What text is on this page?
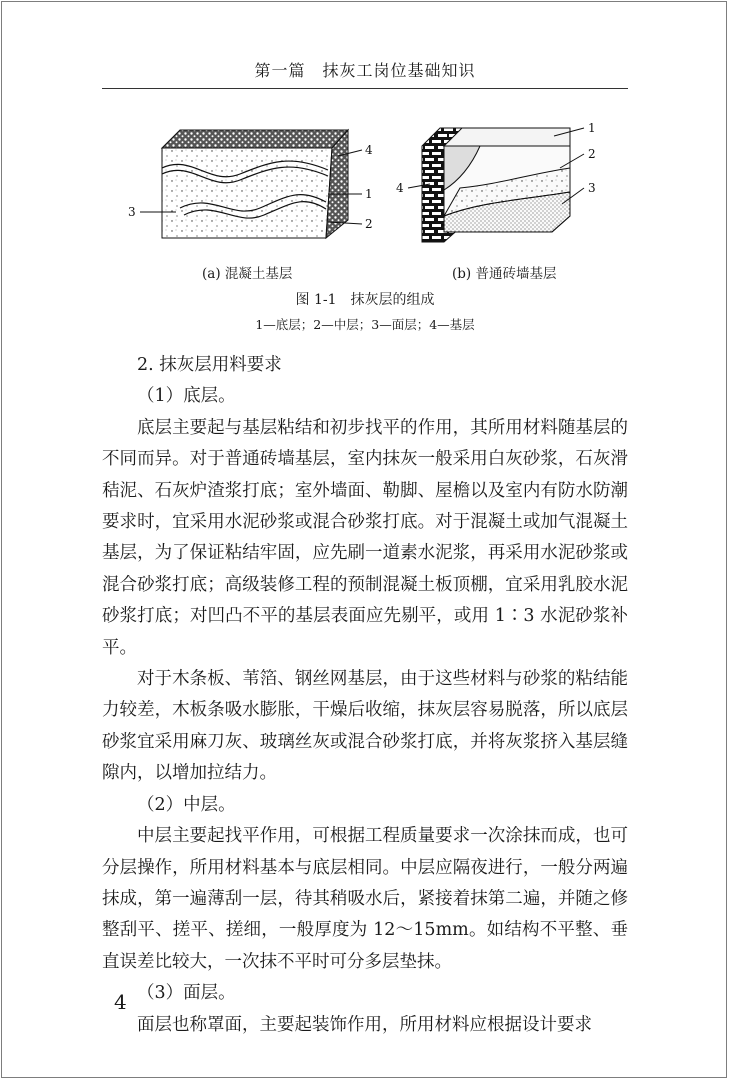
第一篇　抹灰工岗位基础知识
4
1
3
2
1
2
4	3
(a) 混凝土基层	(b) 普通砖墙基层
图 1-1　抹灰层的组成
1—底层；2—中层；3—面层；4—基层

2. 抹灰层用料要求

（1）底层。

底层主要起与基层粘结和初步找平的作用，其所用材料随基层的不同而异。对于普通砖墙基层，室内抹灰一般采用白灰砂浆，石灰滑秸泥、石灰炉渣浆打底；室外墙面、勒脚、屋檐以及室内有防水防潮要求时，宜采用水泥砂浆或混合砂浆打底。对于混凝土或加气混凝土基层，为了保证粘结牢固，应先刷一道素水泥浆，再采用水泥砂浆或混合砂浆打底；高级装修工程的预制混凝土板顶棚，宜采用乳胶水泥砂浆打底；对凹凸不平的基层表面应先剔平，或用 1∶3 水泥砂浆补平。

对于木条板、苇箔、钢丝网基层，由于这些材料与砂浆的粘结能力较差，木板条吸水膨胀，干燥后收缩，抹灰层容易脱落，所以底层砂浆宜采用麻刀灰、玻璃丝灰或混合砂浆打底，并将灰浆挤入基层缝隙内，以增加拉结力。

（2）中层。

中层主要起找平作用，可根据工程质量要求一次涂抹而成，也可分层操作，所用材料基本与底层相同。中层应隔夜进行，一般分两遍抹成，第一遍薄刮一层，待其稍吸水后，紧接着抹第二遍，并随之修整刮平、搓平、搓细，一般厚度为 12～15mm。如结构不平整、垂直误差比较大，一次抹不平时可分多层垫抹。

（3）面层。

面层也称罩面，主要起装饰作用，所用材料应根据设计要求

4
